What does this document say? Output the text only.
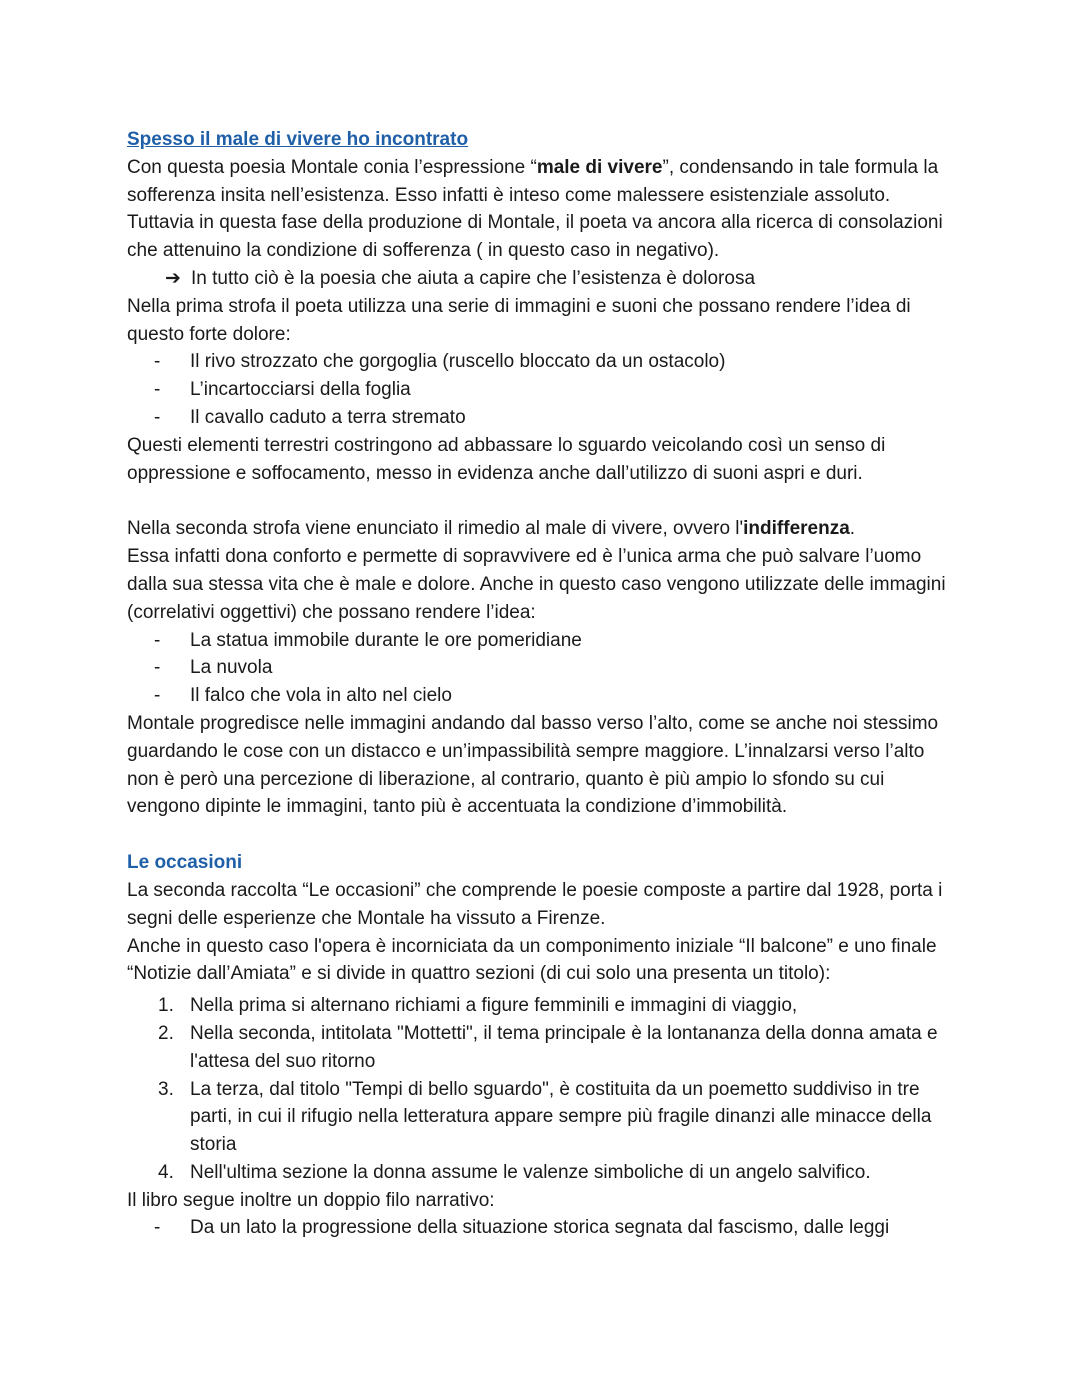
Spesso il male di vivere ho incontrato

Con questa poesia Montale conia l’espressione “male di vivere”, condensando in tale formula la sofferenza insita nell’esistenza. Esso infatti è inteso come malessere esistenziale assoluto. Tuttavia in questa fase della produzione di Montale, il poeta va ancora alla ricerca di consolazioni che attenuino la condizione di sofferenza ( in questo caso in negativo).

➔ In tutto ciò è la poesia che aiuta a capire che l’esistenza è dolorosa

Nella prima strofa il poeta utilizza una serie di immagini e suoni che possano rendere l’idea di questo forte dolore:

-	Il rivo strozzato che gorgoglia (ruscello bloccato da un ostacolo)
-	L’incartocciarsi della foglia
-	Il cavallo caduto a terra stremato

Questi elementi terrestri costringono ad abbassare lo sguardo veicolando così un senso di oppressione e soffocamento, messo in evidenza anche dall’utilizzo di suoni aspri e duri.

Nella seconda strofa viene enunciato il rimedio al male di vivere, ovvero l'indifferenza.

Essa infatti dona conforto e permette di sopravvivere ed è l’unica arma che può salvare l’uomo dalla sua stessa vita che è male e dolore. Anche in questo caso vengono utilizzate delle immagini (correlativi oggettivi) che possano rendere l’idea:

-	La statua immobile durante le ore pomeridiane
-	La nuvola
-	Il falco che vola in alto nel cielo

Montale progredisce nelle immagini andando dal basso verso l’alto, come se anche noi stessimo guardando le cose con un distacco e un’impassibilità sempre maggiore. L’innalzarsi verso l’alto non è però una percezione di liberazione, al contrario, quanto è più ampio lo sfondo su cui vengono dipinte le immagini, tanto più è accentuata la condizione d’immobilità.

Le occasioni

La seconda raccolta “Le occasioni” che comprende le poesie composte a partire dal 1928, porta i segni delle esperienze che Montale ha vissuto a Firenze.

Anche in questo caso l'opera è incorniciata da un componimento iniziale “Il balcone” e uno finale “Notizie dall’Amiata” e si divide in quattro sezioni (di cui solo una presenta un titolo):

1. Nella prima si alternano richiami a figure femminili e immagini di viaggio,
2. Nella seconda, intitolata "Mottetti", il tema principale è la lontananza della donna amata e l'attesa del suo ritorno
3. La terza, dal titolo "Tempi di bello sguardo", è costituita da un poemetto suddiviso in tre parti, in cui il rifugio nella letteratura appare sempre più fragile dinanzi alle minacce della storia
4. Nell'ultima sezione la donna assume le valenze simboliche di un angelo salvifico.

Il libro segue inoltre un doppio filo narrativo:

-	Da un lato la progressione della situazione storica segnata dal fascismo, dalle leggi
